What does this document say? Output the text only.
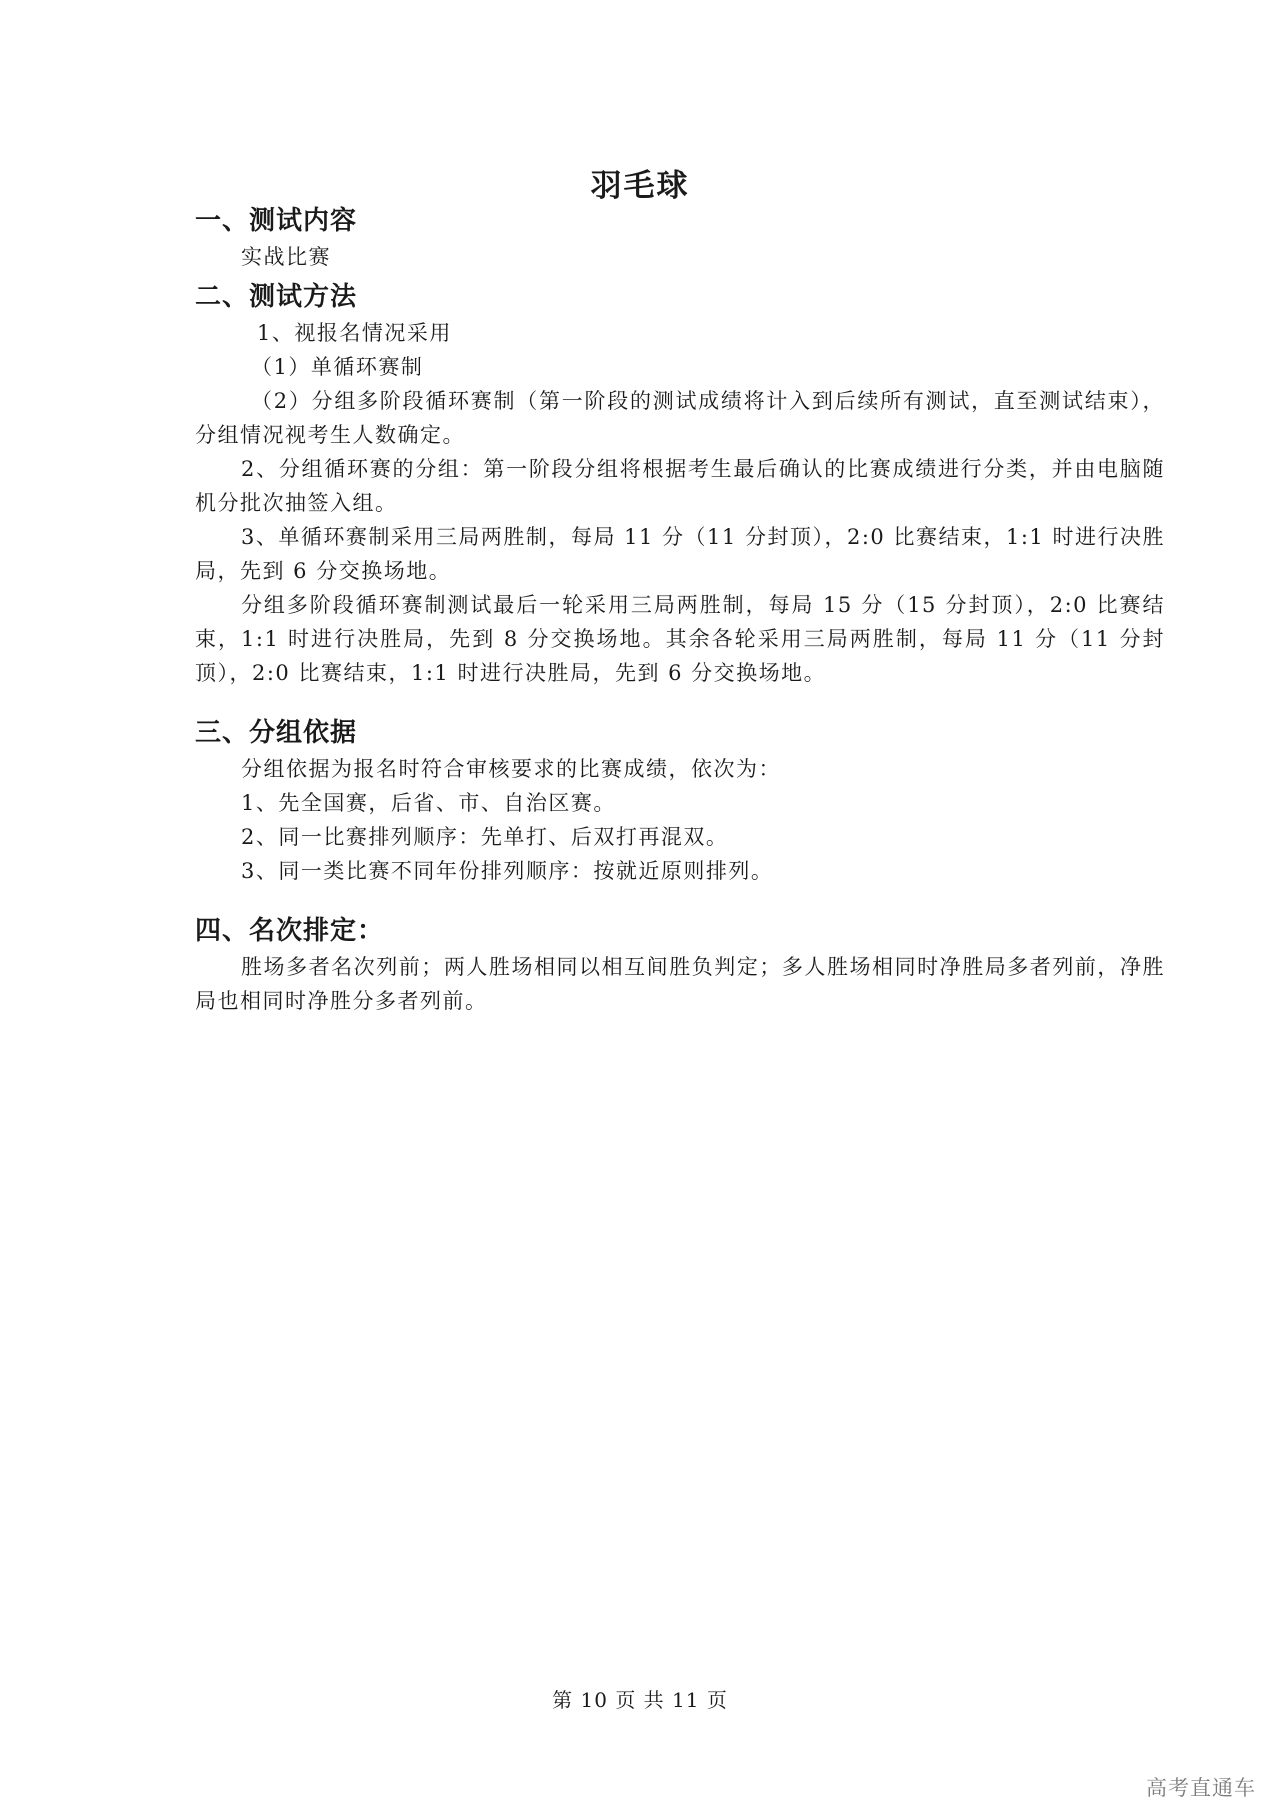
羽毛球
一、测试内容

实战比赛

二、测试方法

1、视报名情况采用

（1）单循环赛制

（2）分组多阶段循环赛制（第一阶段的测试成绩将计入到后续所有测试，直至测试结束），分组情况视考生人数确定。

2、分组循环赛的分组：第一阶段分组将根据考生最后确认的比赛成绩进行分类，并由电脑随机分批次抽签入组。

3、单循环赛制采用三局两胜制，每局 11 分（11 分封顶），2:0 比赛结束，1:1 时进行决胜局，先到 6 分交换场地。

分组多阶段循环赛制测试最后一轮采用三局两胜制，每局 15 分（15 分封顶），2:0 比赛结束，1:1 时进行决胜局，先到 8 分交换场地。其余各轮采用三局两胜制，每局 11 分（11 分封顶），2:0 比赛结束，1:1 时进行决胜局，先到 6 分交换场地。

三、分组依据

分组依据为报名时符合审核要求的比赛成绩，依次为：

1、先全国赛，后省、市、自治区赛。

2、同一比赛排列顺序：先单打、后双打再混双。

3、同一类比赛不同年份排列顺序：按就近原则排列。

四、名次排定：

胜场多者名次列前；两人胜场相同以相互间胜负判定；多人胜场相同时净胜局多者列前，净胜局也相同时净胜分多者列前。

第 10 页 共 11 页
高考直通车
